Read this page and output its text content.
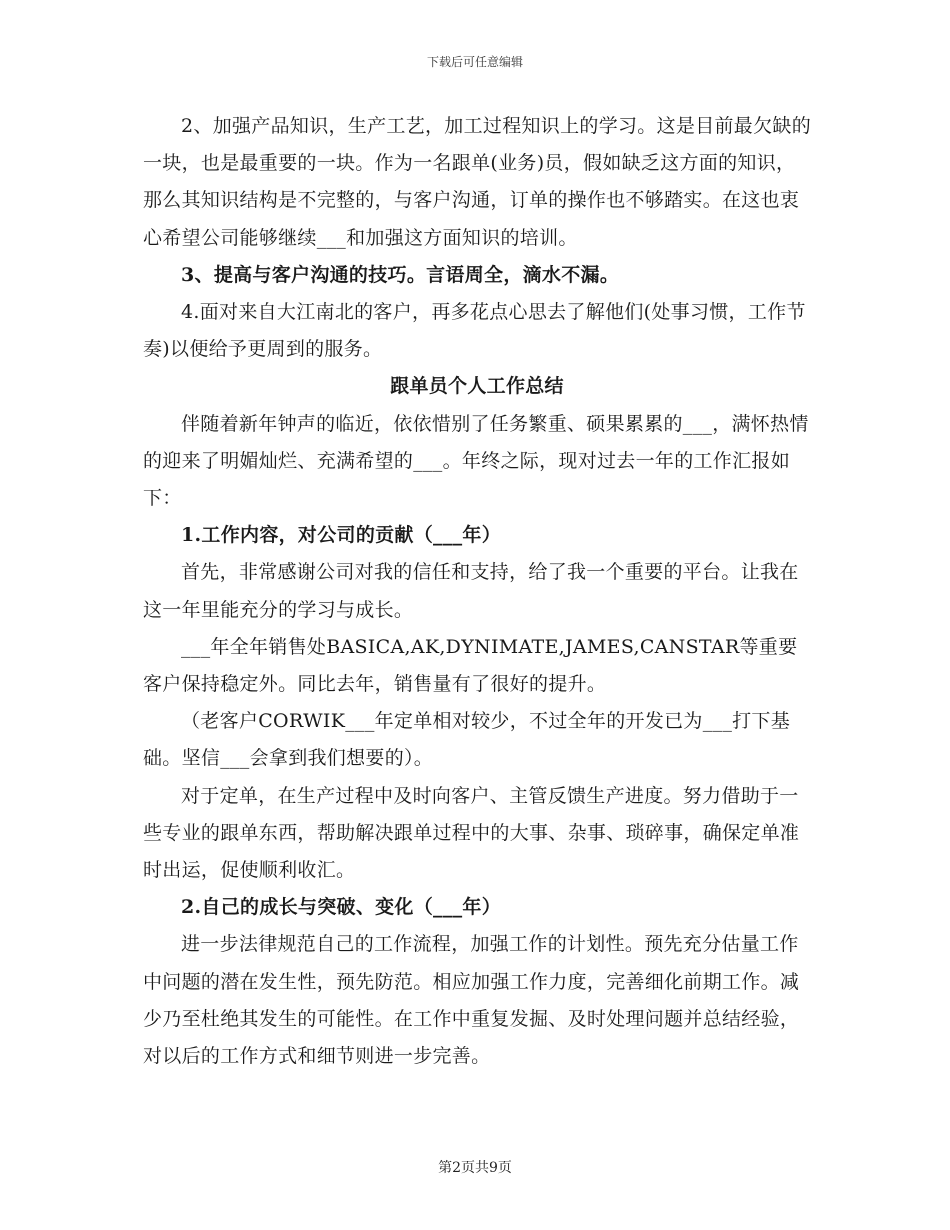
下载后可任意编辑

2、加强产品知识，生产工艺，加工过程知识上的学习。这是目前最欠缺的一块，也是最重要的一块。作为一名跟单(业务)员，假如缺乏这方面的知识，那么其知识结构是不完整的，与客户沟通，订单的操作也不够踏实。在这也衷心希望公司能够继续___和加强这方面知识的培训。

3、提高与客户沟通的技巧。言语周全，滴水不漏。

4.面对来自大江南北的客户，再多花点心思去了解他们(处事习惯，工作节奏)以便给予更周到的服务。

跟单员个人工作总结

伴随着新年钟声的临近，依依惜别了任务繁重、硕果累累的___，满怀热情的迎来了明媚灿烂、充满希望的___。年终之际，现对过去一年的工作汇报如下：

1.工作内容，对公司的贡献（___年）

首先，非常感谢公司对我的信任和支持，给了我一个重要的平台。让我在这一年里能充分的学习与成长。

___年全年销售处BASICA,AK,DYNIMATE,JAMES,CANSTAR等重要客户保持稳定外。同比去年，销售量有了很好的提升。

（老客户CORWIK___年定单相对较少，不过全年的开发已为___打下基础。坚信___会拿到我们想要的）。

对于定单，在生产过程中及时向客户、主管反馈生产进度。努力借助于一些专业的跟单东西，帮助解决跟单过程中的大事、杂事、琐碎事，确保定单准时出运，促使顺利收汇。

2.自己的成长与突破、变化（___年）

进一步法律规范自己的工作流程，加强工作的计划性。预先充分估量工作中问题的潜在发生性，预先防范。相应加强工作力度，完善细化前期工作。减少乃至杜绝其发生的可能性。在工作中重复发掘、及时处理问题并总结经验，对以后的工作方式和细节则进一步完善。

第2页共9页
